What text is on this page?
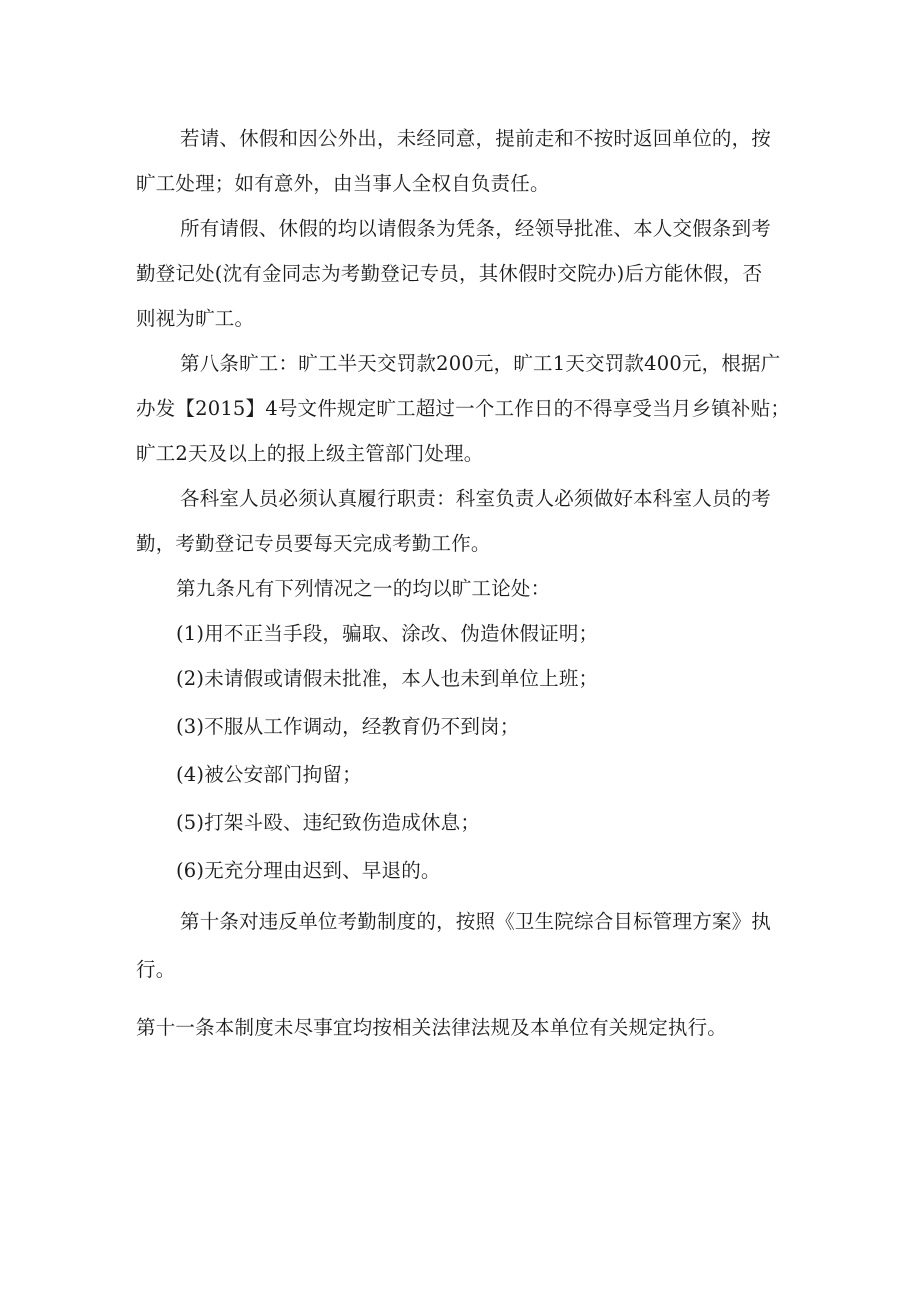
若请、休假和因公外出，未经同意，提前走和不按时返回单位的，按
旷工处理；如有意外，由当事人全权自负责任。
所有请假、休假的均以请假条为凭条，经领导批准、本人交假条到考
勤登记处(沈有金同志为考勤登记专员，其休假时交院办)后方能休假，否
则视为旷工。
第八条旷工：旷工半天交罚款200元，旷工1天交罚款400元，根据广
办发【2015】4号文件规定旷工超过一个工作日的不得享受当月乡镇补贴；
旷工2天及以上的报上级主管部门处理。
各科室人员必须认真履行职责：科室负责人必须做好本科室人员的考
勤，考勤登记专员要每天完成考勤工作。
第九条凡有下列情况之一的均以旷工论处：
(1)用不正当手段，骗取、涂改、伪造休假证明；
(2)未请假或请假未批准，本人也未到单位上班；
(3)不服从工作调动，经教育仍不到岗；
(4)被公安部门拘留；
(5)打架斗殴、违纪致伤造成休息；
(6)无充分理由迟到、早退的。
第十条对违反单位考勤制度的，按照《卫生院综合目标管理方案》执
行。
第十一条本制度未尽事宜均按相关法律法规及本单位有关规定执行。
